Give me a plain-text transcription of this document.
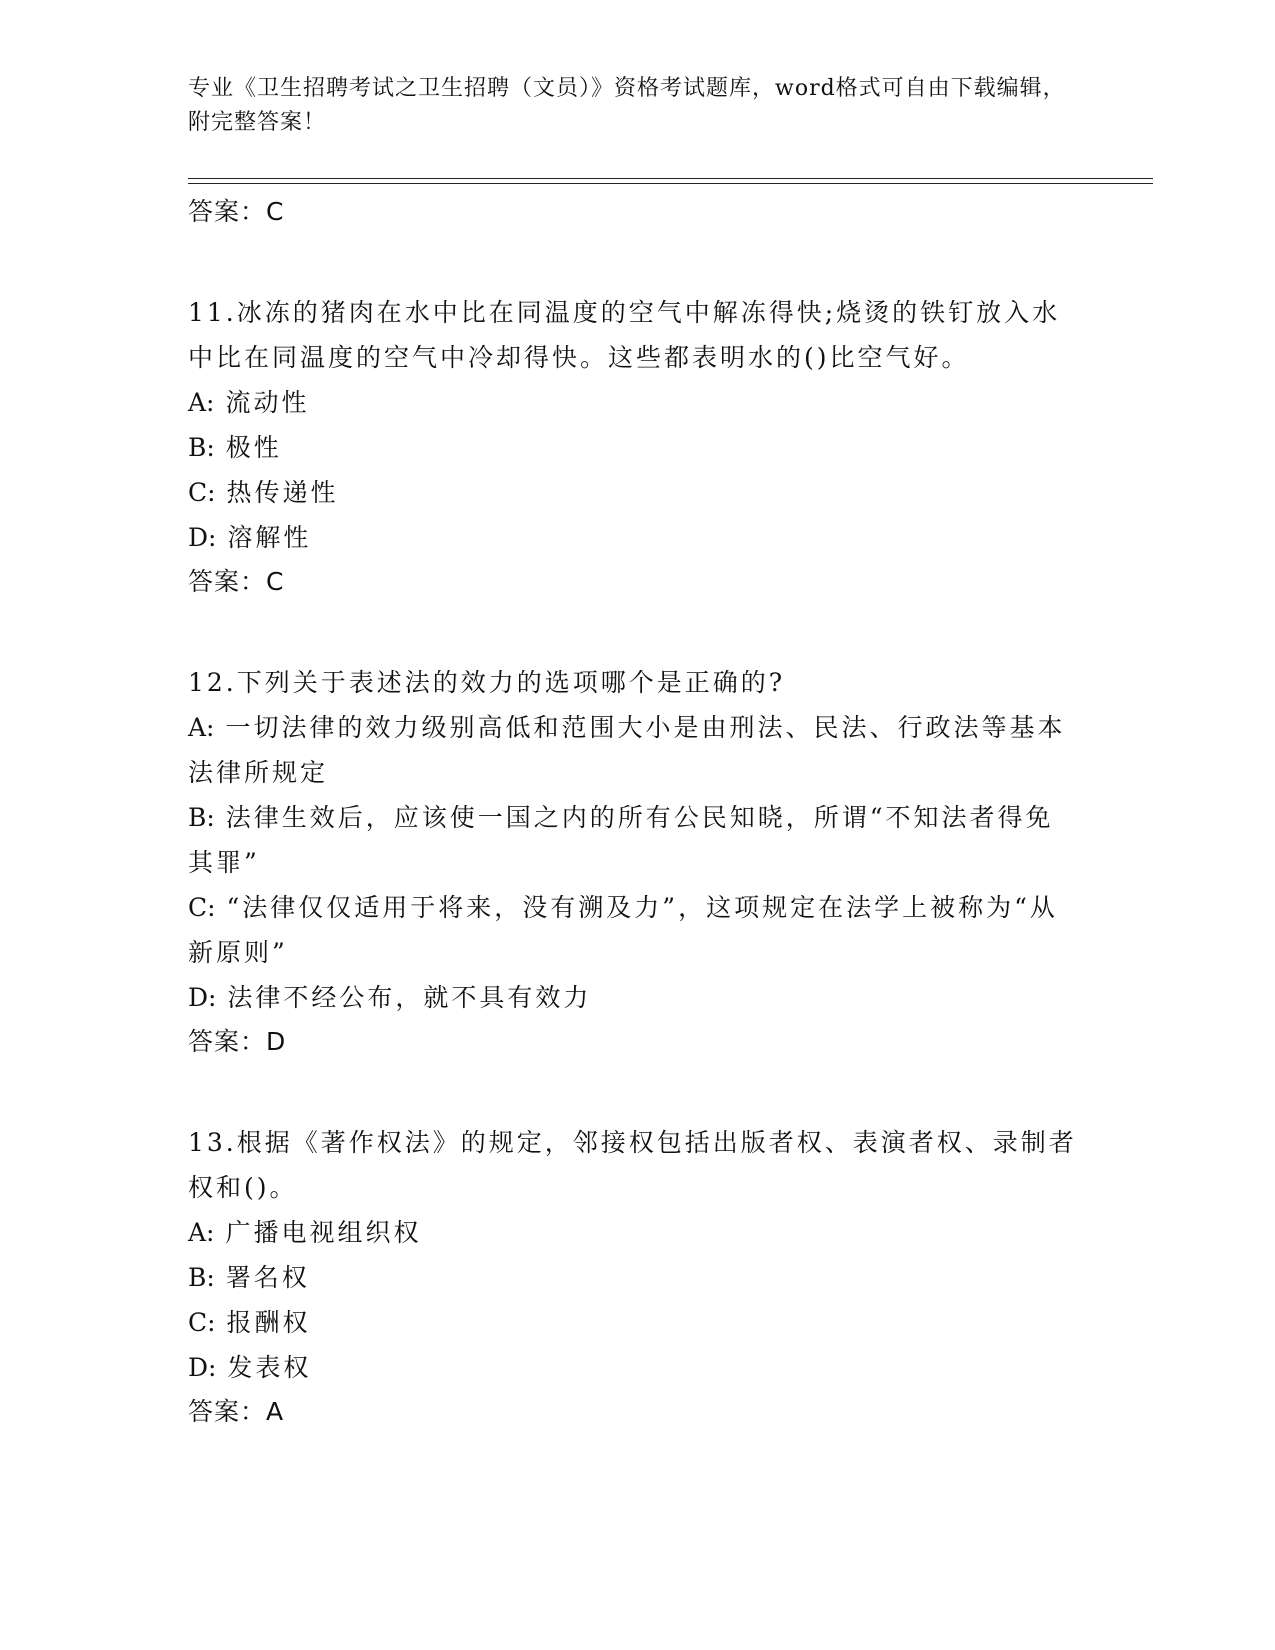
专业《卫生招聘考试之卫生招聘（文员）》资格考试题库，word格式可自由下载编辑，附完整答案！
答案：C
11.冰冻的猪肉在水中比在同温度的空气中解冻得快;烧烫的铁钉放入水中比在同温度的空气中冷却得快。这些都表明水的()比空气好。
A: 流动性
B: 极性
C: 热传递性
D: 溶解性
答案：C
12.下列关于表述法的效力的选项哪个是正确的?
A: 一切法律的效力级别高低和范围大小是由刑法、民法、行政法等基本法律所规定
B: 法律生效后，应该使一国之内的所有公民知晓，所谓“不知法者得免其罪”
C: “法律仅仅适用于将来，没有溯及力”，这项规定在法学上被称为“从新原则”
D: 法律不经公布，就不具有效力
答案：D
13.根据《著作权法》的规定，邻接权包括出版者权、表演者权、录制者权和()。
A: 广播电视组织权
B: 署名权
C: 报酬权
D: 发表权
答案：A
